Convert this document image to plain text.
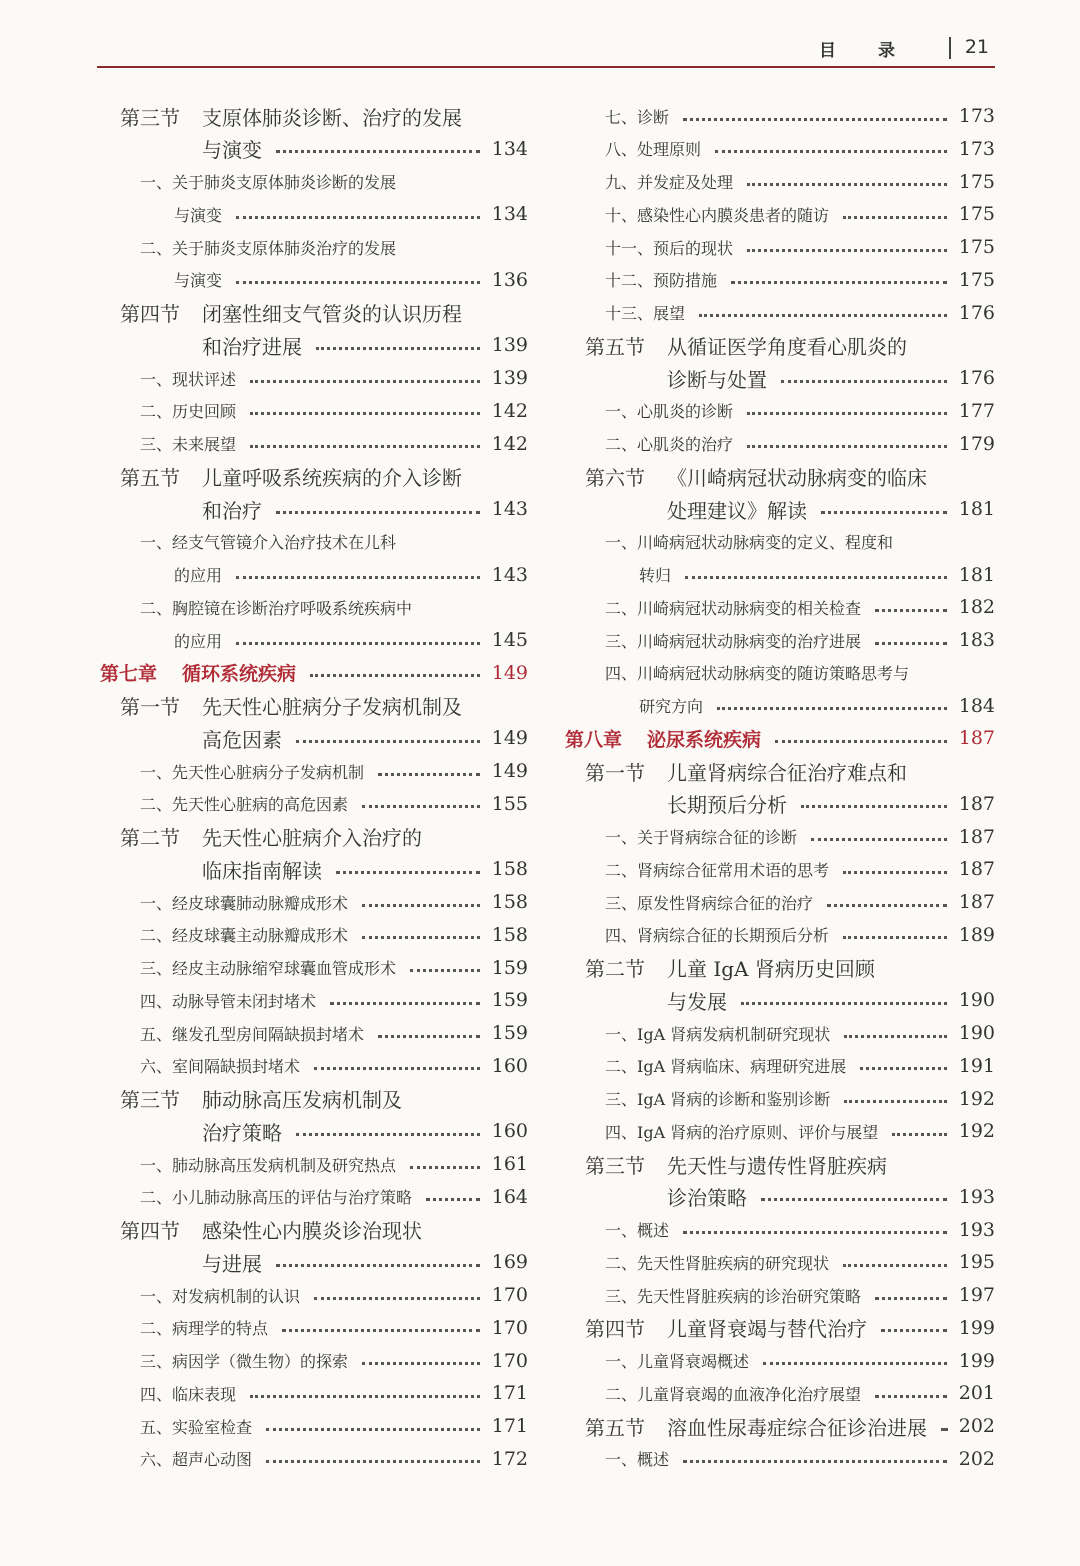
目录 21
第三节 支原体肺炎诊断、治疗的发展
与演变	134
一、关于肺炎支原体肺炎诊断的发展
与演变	134
二、关于肺炎支原体肺炎治疗的发展
与演变	136
第四节 闭塞性细支气管炎的认识历程
和治疗进展	139
一、现状评述	139
二、历史回顾	142
三、未来展望	142
第五节 儿童呼吸系统疾病的介入诊断
和治疗	143
一、经支气管镜介入治疗技术在儿科
的应用	143
二、胸腔镜在诊断治疗呼吸系统疾病中
的应用	145
第七章 循环系统疾病	149
第一节 先天性心脏病分子发病机制及
高危因素	149
一、先天性心脏病分子发病机制	149
二、先天性心脏病的高危因素	155
第二节 先天性心脏病介入治疗的
临床指南解读	158
一、经皮球囊肺动脉瓣成形术	158
二、经皮球囊主动脉瓣成形术	158
三、经皮主动脉缩窄球囊血管成形术	159
四、动脉导管未闭封堵术	159
五、继发孔型房间隔缺损封堵术	159
六、室间隔缺损封堵术	160
第三节 肺动脉高压发病机制及
治疗策略	160
一、肺动脉高压发病机制及研究热点	161
二、小儿肺动脉高压的评估与治疗策略	164
第四节 感染性心内膜炎诊治现状
与进展	169
一、对发病机制的认识	170
二、病理学的特点	170
三、病因学（微生物）的探索	170
四、临床表现	171
五、实验室检查	171
六、超声心动图	172
七、诊断	173
八、处理原则	173
九、并发症及处理	175
十、感染性心内膜炎患者的随访	175
十一、预后的现状	175
十二、预防措施	175
十三、展望	176
第五节 从循证医学角度看心肌炎的
诊断与处置	176
一、心肌炎的诊断	177
二、心肌炎的治疗	179
第六节 《川崎病冠状动脉病变的临床
处理建议》解读	181
一、川崎病冠状动脉病变的定义、程度和
转归	181
二、川崎病冠状动脉病变的相关检查	182
三、川崎病冠状动脉病变的治疗进展	183
四、川崎病冠状动脉病变的随访策略思考与
研究方向	184
第八章 泌尿系统疾病	187
第一节 儿童肾病综合征治疗难点和
长期预后分析	187
一、关于肾病综合征的诊断	187
二、肾病综合征常用术语的思考	187
三、原发性肾病综合征的治疗	187
四、肾病综合征的长期预后分析	189
第二节 儿童 IgA 肾病历史回顾
与发展	190
一、IgA 肾病发病机制研究现状	190
二、IgA 肾病临床、病理研究进展	191
三、IgA 肾病的诊断和鉴别诊断	192
四、IgA 肾病的治疗原则、评价与展望	192
第三节 先天性与遗传性肾脏疾病
诊治策略	193
一、概述	193
二、先天性肾脏疾病的研究现状	195
三、先天性肾脏疾病的诊治研究策略	197
第四节 儿童肾衰竭与替代治疗	199
一、儿童肾衰竭概述	199
二、儿童肾衰竭的血液净化治疗展望	201
第五节 溶血性尿毒症综合征诊治进展 202
一、概述	202
